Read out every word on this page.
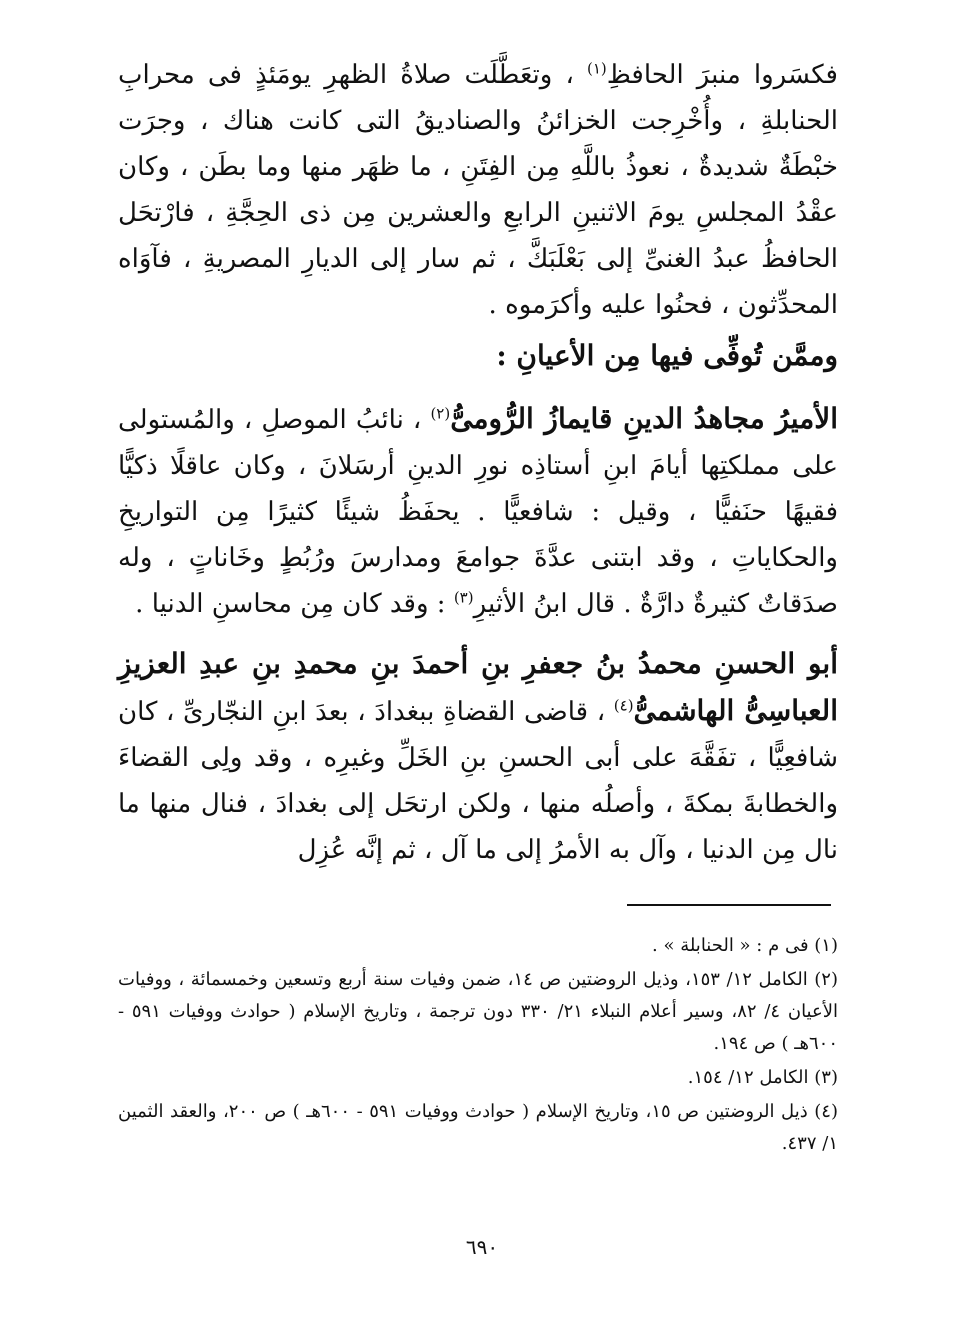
فكسَروا منبرَ الحافظِ$^{(١)}$ ، وتعَطَّلَت صلاةُ الظهرِ يومَئذٍ فى محرابِ الحنابلةِ ، وأُخْرِجت الخزائنُ والصناديقُ التى كانت هناك ، وجرَت خبْطَةٌ شديدةٌ ، نعوذُ باللَّهِ مِن الفِتَنِ ، ما ظهَر منها وما بطَن ، وكان عقْدُ المجلسِ يومَ الاثنينِ الرابعِ والعشرين مِن ذى الحِجَّةِ ، فارْتحَل الحافظُ عبدُ الغنىِّ إلى بَعْلَبَكَّ ، ثم سار إلى الديارِ المصريةِ ، فآوَاه المحدِّثون ، فحنُوا عليه وأكرَموه .

وممَّن تُوفِّى فيها مِن الأعيانِ :

الأميرُ مجاهدُ الدينِ قايمازُ الرُّومىُّ$^{(٢)}$ ، نائبُ الموصلِ ، والمُستولى على مملكتِها أيامَ ابنِ أستاذِه نورِ الدينِ أرسَلانَ ، وكان عاقلًا ذكيًّا فقيهًا حنَفيًّا ، وقيل : شافعيًّا . يحفَظُ شيئًا كثيرًا مِن التواريخِ والحكاياتِ ، وقد ابتنى عدَّةَ جوامعَ ومدارسَ ورُبُطٍ وخَاناتٍ ، وله صدَقاتٌ كثيرةٌ دارَّةٌ . قال ابنُ الأثيرِ$^{(٣)}$ : وقد كان مِن محاسنِ الدنيا .

أبو الحسنِ محمدُ بنُ جعفرِ بنِ أحمدَ بنِ محمدِ بنِ عبدِ العزيزِ العباسِىُّ الهاشمىُّ$^{(٤)}$ ، قاضى القضاةِ ببغدادَ ، بعدَ ابنِ النجّارىِّ ، كان شافعِيًّا ، تفَقَّهَ على أبى الحسنِ بنِ الخَلِّ وغيرِه ، وقد ولِى القضاءَ والخطابةَ بمكةَ ، وأصلُه منها ، ولكن ارتحَل إلى بغدادَ ، فنال منها ما نال مِن الدنيا ، وآل به الأمرُ إلى ما آل ، ثم إنَّه عُزِل

(١) فى م : « الحنابلة » .

(٢) الكامل ١٢/ ١٥٣، وذيل الروضتين ص ١٤، ضمن وفيات سنة أربع وتسعين وخمسمائة ، ووفيات الأعيان ٤/ ٨٢، وسير أعلام النبلاء ٢١/ ٣٣٠ دون ترجمة ، وتاريخ الإسلام ( حوادث ووفيات ٥٩١ - ٦٠٠هـ ) ص ١٩٤.

(٣) الكامل ١٢/ ١٥٤.

(٤) ذيل الروضتين ص ١٥، وتاريخ الإسلام ( حوادث ووفيات ٥٩١ - ٦٠٠هـ ) ص ٢٠٠، والعقد الثمين ١/ ٤٣٧.

٦٩٠
